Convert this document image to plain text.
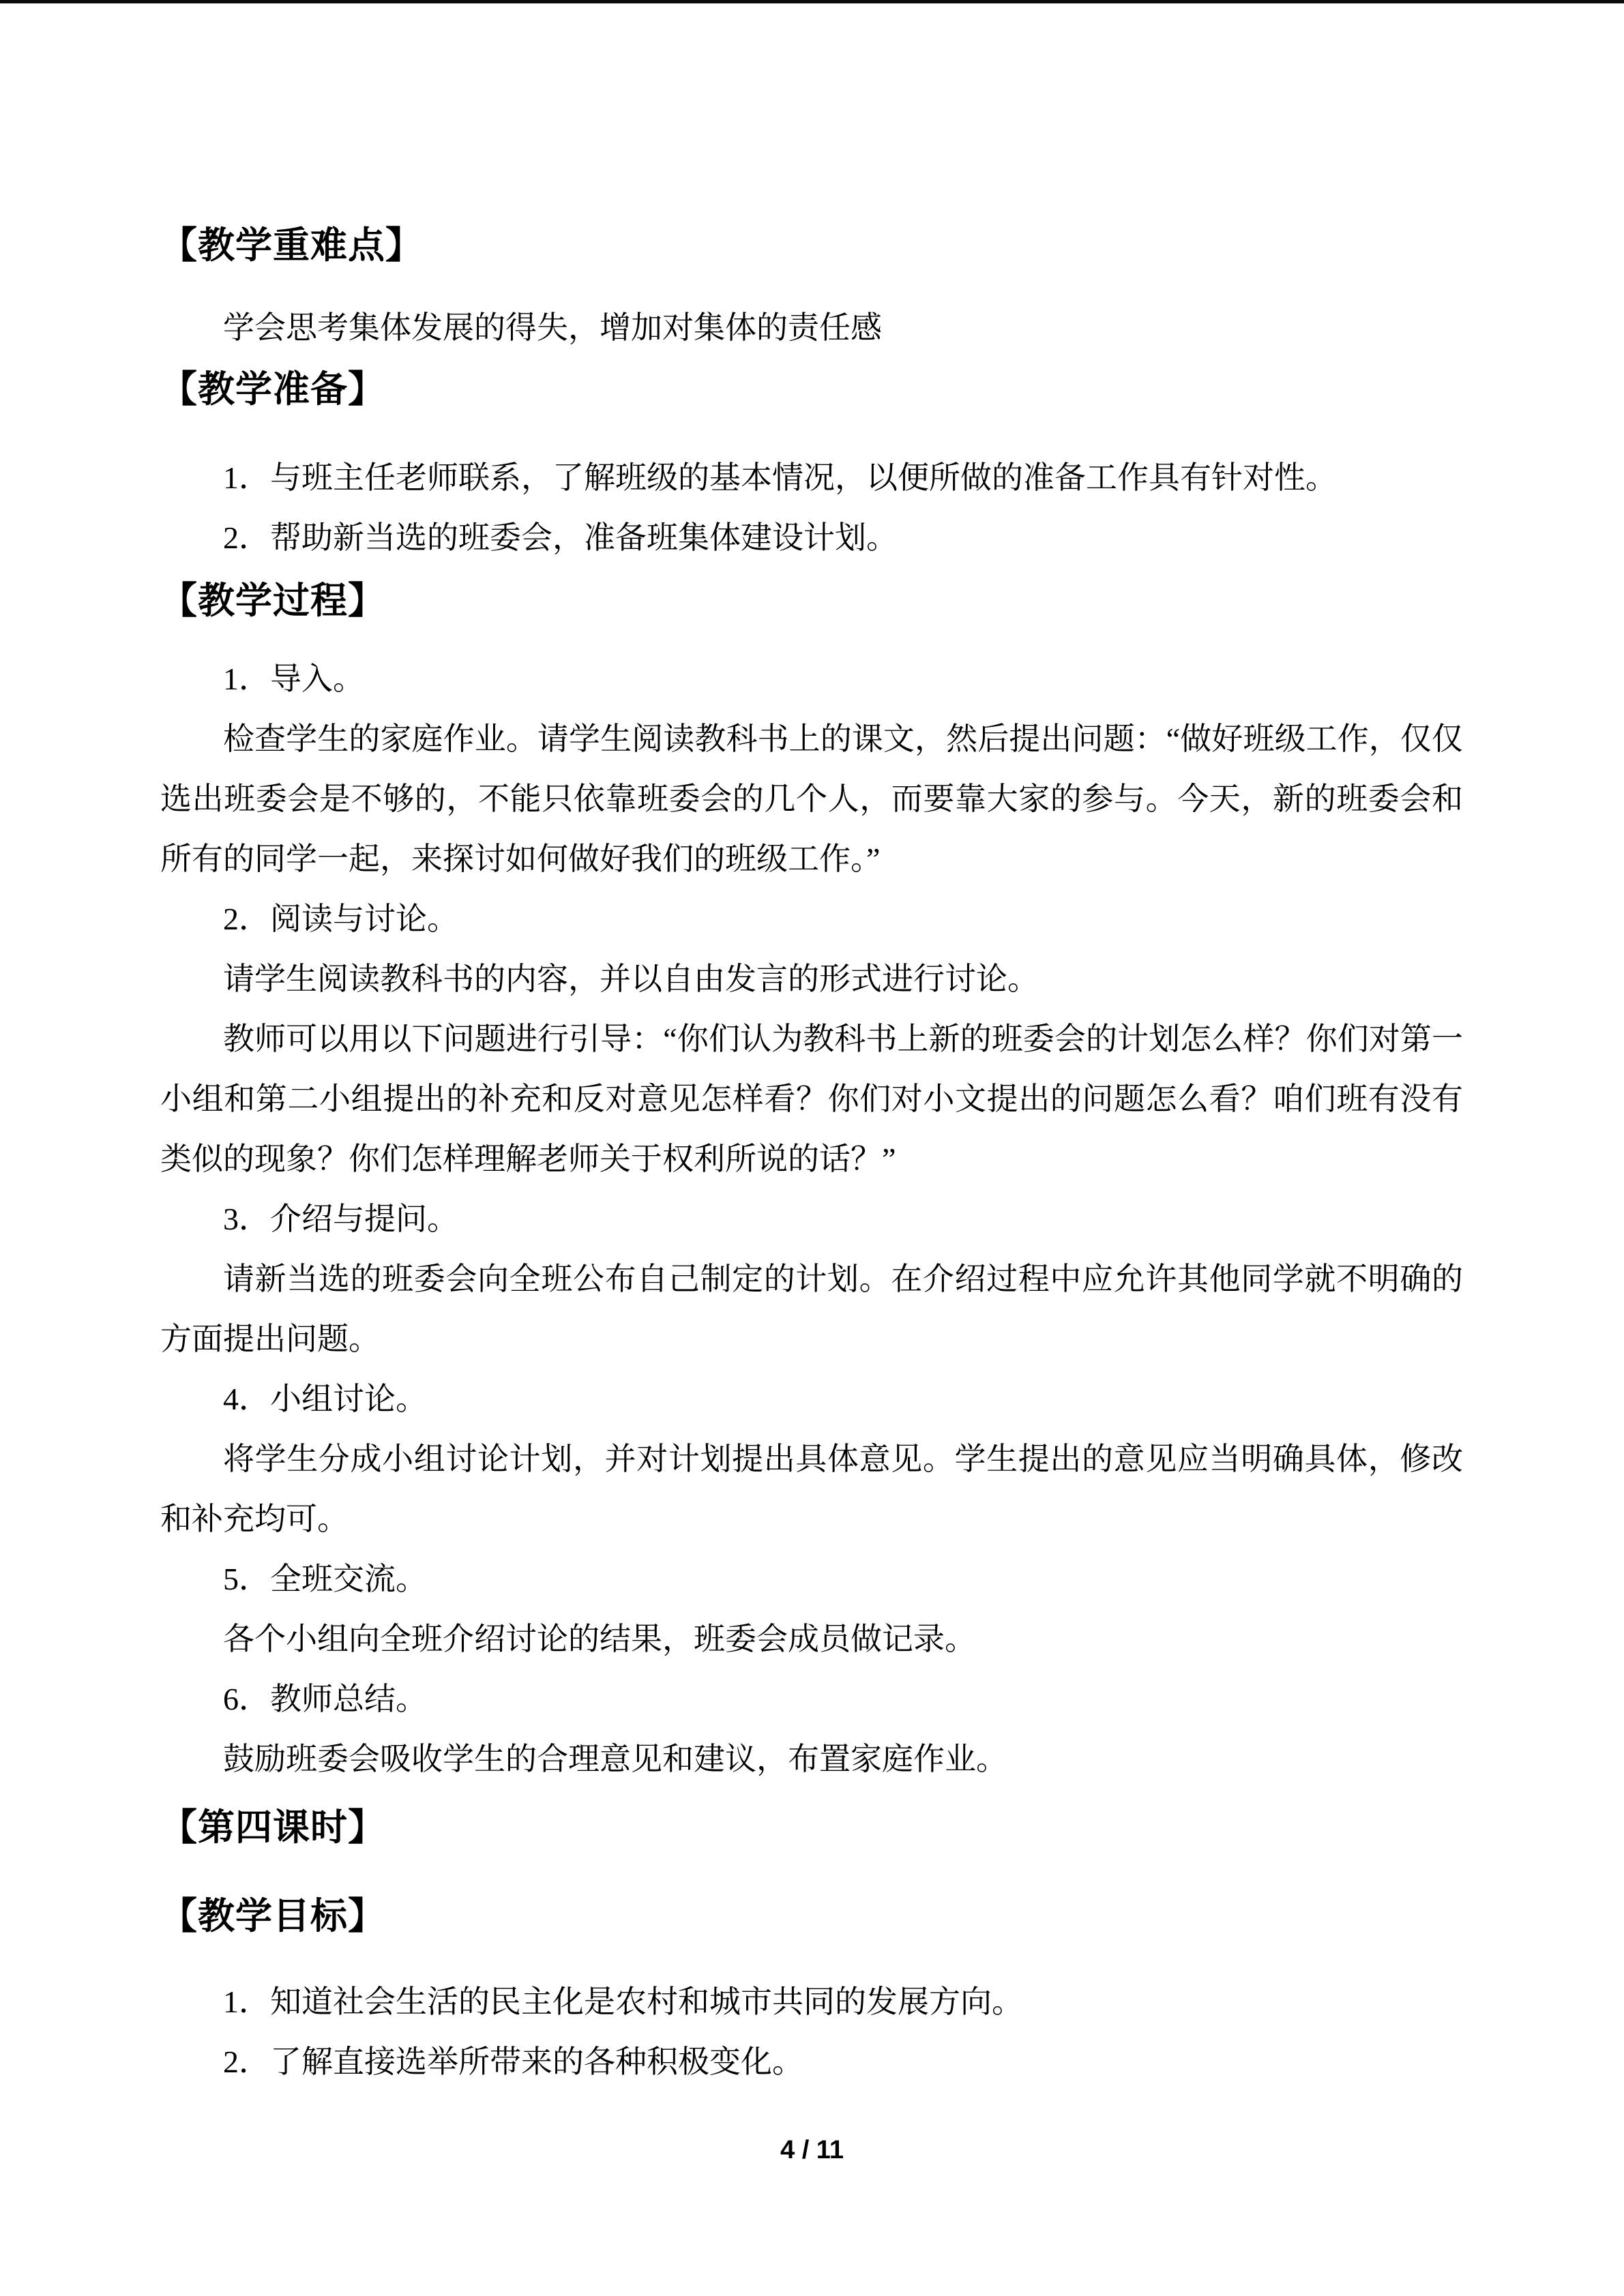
【教学重难点】
学会思考集体发展的得失，增加对集体的责任感
【教学准备】
1．与班主任老师联系，了解班级的基本情况，以便所做的准备工作具有针对性。
2．帮助新当选的班委会，准备班集体建设计划。
【教学过程】
1．导入。
检查学生的家庭作业。请学生阅读教科书上的课文，然后提出问题：“做好班级工作，仅仅选出班委会是不够的，不能只依靠班委会的几个人，而要靠大家的参与。今天，新的班委会和所有的同学一起，来探讨如何做好我们的班级工作。”
2．阅读与讨论。
请学生阅读教科书的内容，并以自由发言的形式进行讨论。
教师可以用以下问题进行引导：“你们认为教科书上新的班委会的计划怎么样？你们对第一小组和第二小组提出的补充和反对意见怎样看？你们对小文提出的问题怎么看？咱们班有没有类似的现象？你们怎样理解老师关于权利所说的话？”
3．介绍与提问。
请新当选的班委会向全班公布自己制定的计划。在介绍过程中应允许其他同学就不明确的方面提出问题。
4．小组讨论。
将学生分成小组讨论计划，并对计划提出具体意见。学生提出的意见应当明确具体，修改和补充均可。
5．全班交流。
各个小组向全班介绍讨论的结果，班委会成员做记录。
6．教师总结。
鼓励班委会吸收学生的合理意见和建议，布置家庭作业。
【第四课时】
【教学目标】
1．知道社会生活的民主化是农村和城市共同的发展方向。
2．了解直接选举所带来的各种积极变化。
4 / 11
